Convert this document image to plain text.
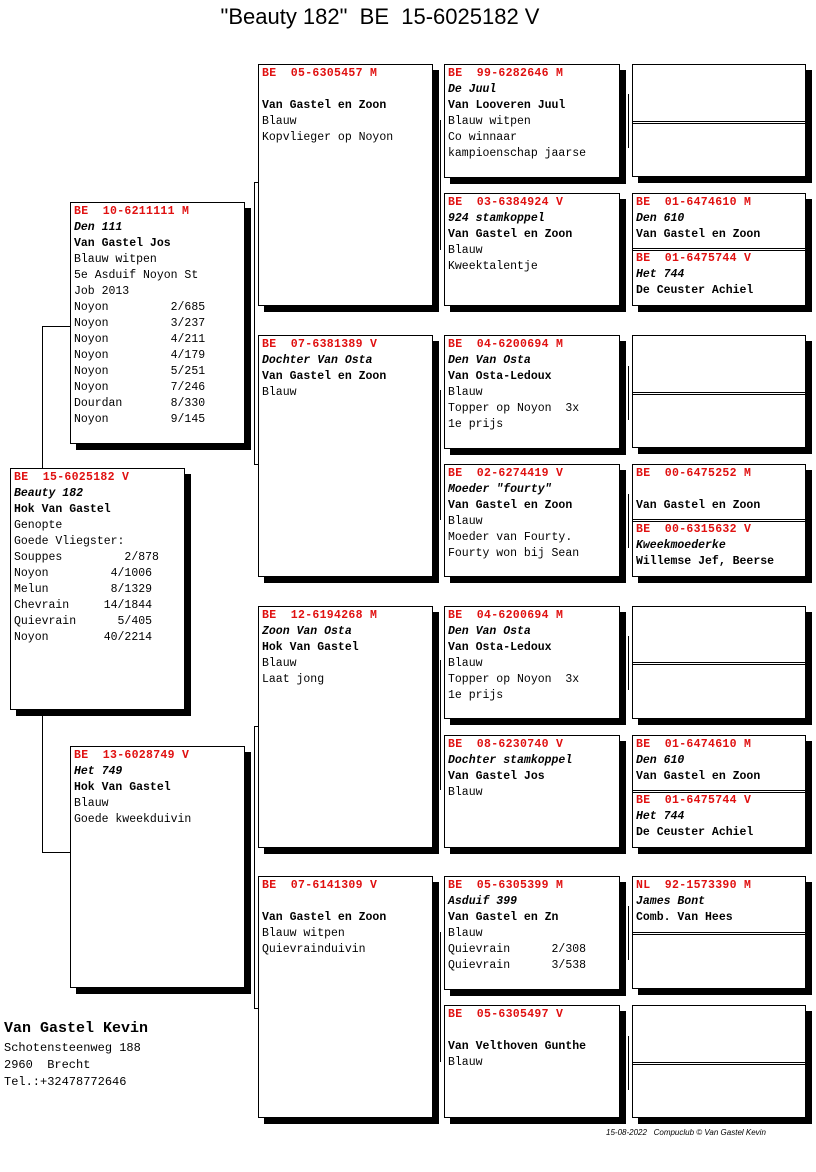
"Beauty 182"  BE  15-6025182 V
BE  15-6025182 V
Beauty 182
Hok Van Gastel
Genopte
Goede Vliegster:
Souppes         2/878
Noyon         4/1006
Melun         8/1329
Chevrain     14/1844
Quievrain      5/405
Noyon        40/2214
BE  10-6211111 M
Den 111
Van Gastel Jos
Blauw witpen
5e Asduif Noyon St
Job 2013
Noyon         2/685
Noyon         3/237
Noyon         4/211
Noyon         4/179
Noyon         5/251
Noyon         7/246
Dourdan       8/330
Noyon         9/145
BE  13-6028749 V
Het 749
Hok Van Gastel
Blauw
Goede kweekduivin
BE  05-6305457 M
Van Gastel en Zoon
Blauw
Kopvlieger op Noyon
BE  07-6381389 V
Dochter Van Osta
Van Gastel en Zoon
Blauw
BE  12-6194268 M
Zoon Van Osta
Hok Van Gastel
Blauw
Laat jong
BE  07-6141309 V
Van Gastel en Zoon
Blauw witpen
Quievrainduivin
BE  99-6282646 M
De Juul
Van Looveren Juul
Blauw witpen
Co winnaar
kampioenschap jaarse
BE  03-6384924 V
924 stamkoppel
Van Gastel en Zoon
Blauw
Kweektalentje
BE  04-6200694 M
Den Van Osta
Van Osta-Ledoux
Blauw
Topper op Noyon  3x
1e prijs
BE  02-6274419 V
Moeder "fourty"
Van Gastel en Zoon
Blauw
Moeder van Fourty.
Fourty won bij Sean
BE  04-6200694 M
Den Van Osta
Van Osta-Ledoux
Blauw
Topper op Noyon  3x
1e prijs
BE  08-6230740 V
Dochter stamkoppel
Van Gastel Jos
Blauw
BE  05-6305399 M
Asduif 399
Van Gastel en Zn
Blauw
Quievrain      2/308
Quievrain      3/538
BE  05-6305497 V
Van Velthoven Gunthe
Blauw
BE  01-6474610 M
Den 610
Van Gastel en Zoon
BE  01-6475744 V
Het 744
De Ceuster Achiel
BE  00-6475252 M
Van Gastel en Zoon
BE  00-6315632 V
Kweekmoederke
Willemse Jef, Beerse
BE  01-6474610 M
Den 610
Van Gastel en Zoon
BE  01-6475744 V
Het 744
De Ceuster Achiel
NL  92-1573390 M
James Bont
Comb. Van Hees
Van Gastel Kevin
Schotensteenweg 188
2960  Brecht
Tel.:+32478772646
15-08-2022   Compuclub © Van Gastel Kevin
